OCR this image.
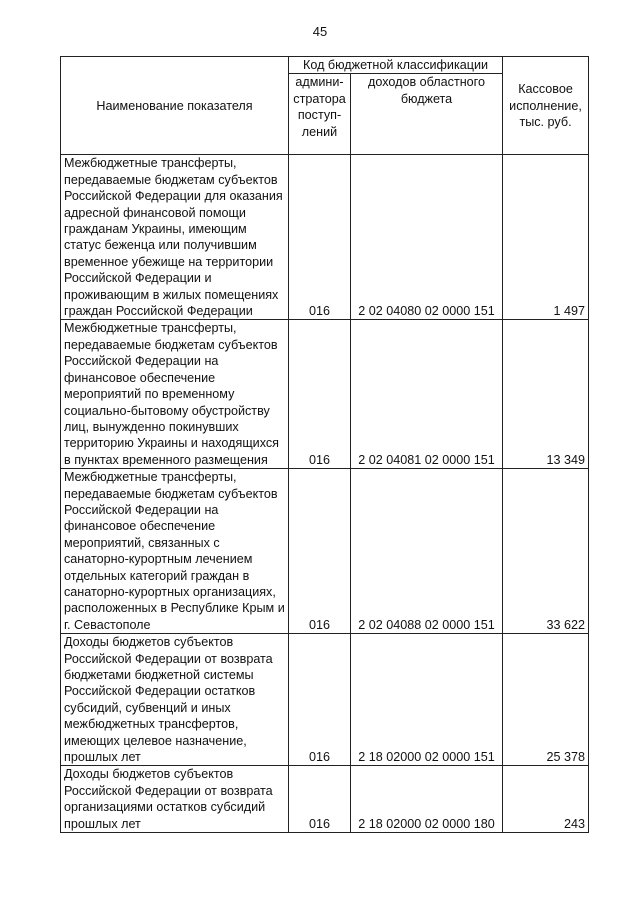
45
Наименование показателя	Код бюджетной классификации		Кассовое исполнение, тыс. руб.
	админи-стратора поступ-лений	доходов областного бюджета	
Межбюджетные трансферты, передаваемые бюджетам субъектов Российской Федерации для оказания адресной финансовой помощи гражданам Украины, имеющим статус беженца или получившим временное убежище на территории Российской Федерации и проживающим в жилых помещениях граждан Российской Федерации	016	2 02 04080 02 0000 151	1 497
Межбюджетные трансферты, передаваемые бюджетам субъектов Российской Федерации на финансовое обеспечение мероприятий по временному социально-бытовому обустройству лиц, вынужденно покинувших территорию Украины и находящихся в пунктах временного размещения	016	2 02 04081 02 0000 151	13 349
Межбюджетные трансферты, передаваемые бюджетам субъектов Российской Федерации на финансовое обеспечение мероприятий, связанных с санаторно-курортным лечением отдельных категорий граждан в санаторно-курортных организациях, расположенных в Республике Крым и г. Севастополе	016	2 02 04088 02 0000 151	33 622
Доходы бюджетов субъектов Российской Федерации от возврата бюджетами бюджетной системы Российской Федерации остатков субсидий, субвенций и иных межбюджетных трансфертов, имеющих целевое назначение, прошлых лет	016	2 18 02000 02 0000 151	25 378
Доходы бюджетов субъектов Российской Федерации от возврата организациями остатков субсидий прошлых лет	016	2 18 02000 02 0000 180	243
